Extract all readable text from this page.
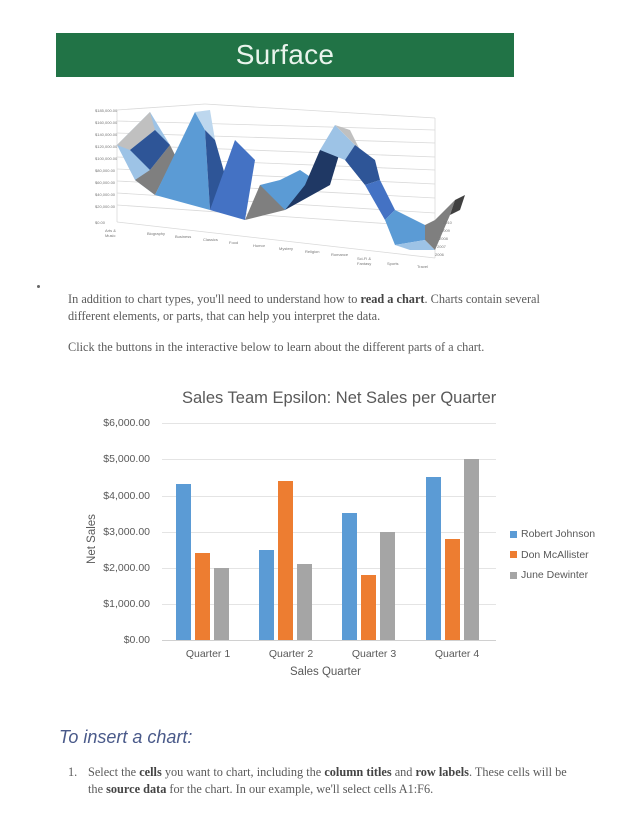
Surface
$185,000.00
$160,000.00
$140,000.00
$120,000.00
$100,000.00
$80,000.00
$60,000.00
$40,000.00
$20,000.00
$0.00
Arts &
Music	Biography
Business
Classics
Food
Humor
Mystery
Religion
Romance
Sci-Fi &
Fantasy	Sports
Travel
2010
2009
2008
2007
2006
In addition to chart types, you'll need to understand how to read a chart. Charts contain several different elements, or parts, that can help you interpret the data.
Click the buttons in the interactive below to learn about the different parts of a chart.
Sales Team Epsilon: Net Sales per Quarter
$6,000.00
$5,000.00
$4,000.00
$3,000.00
$2,000.00
$1,000.00
$0.00
Net Sales
Quarter 1	Quarter 2	Quarter 3	Quarter 4
Sales Quarter
Robert Johnson
Don McAllister
June Dewinter
To insert a chart:
1. Select the cells you want to chart, including the column titles and row labels. These cells will be the source data for the chart. In our example, we'll select cells A1:F6.
